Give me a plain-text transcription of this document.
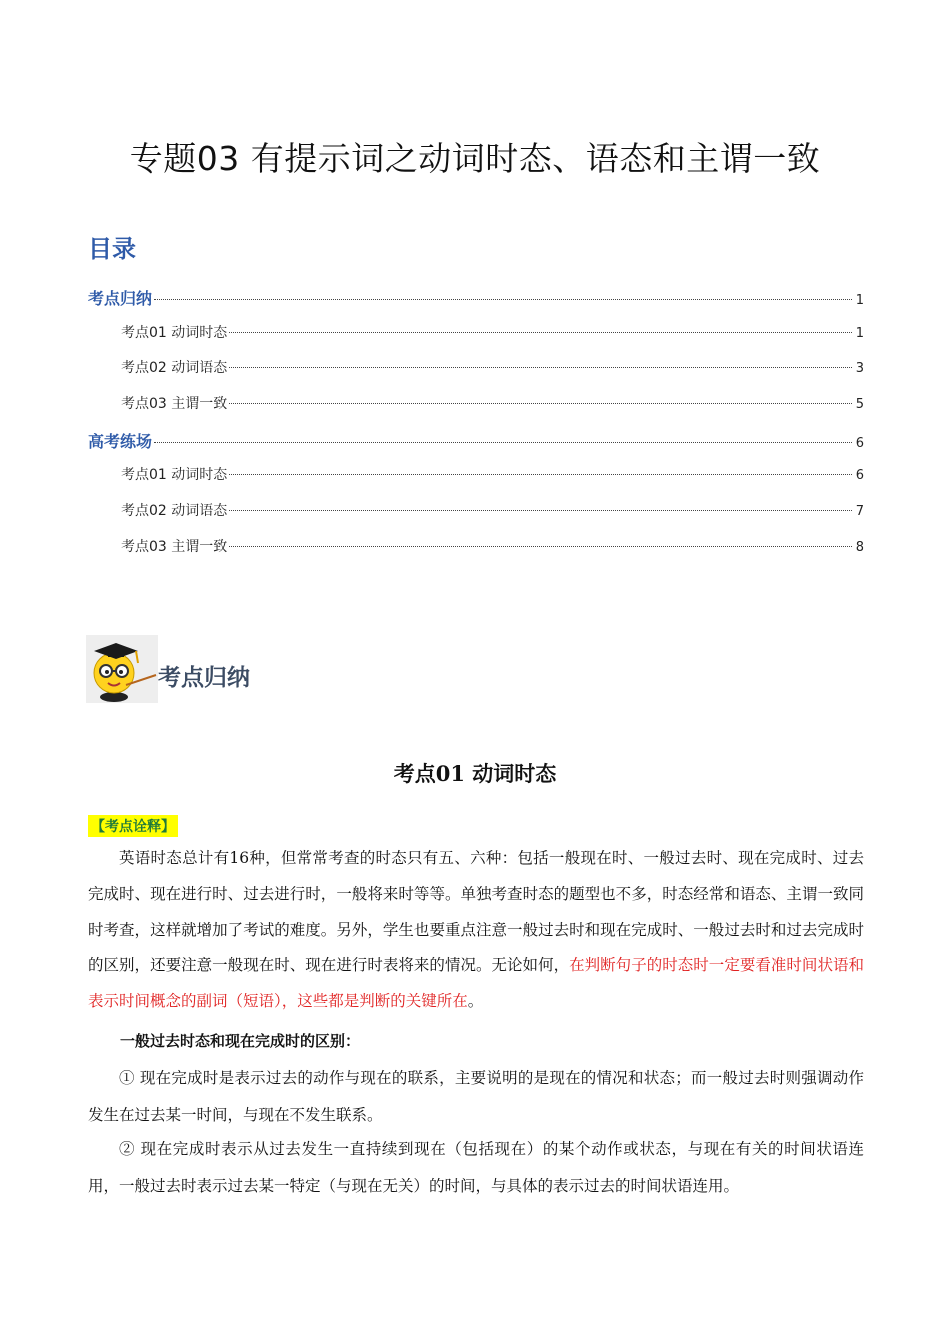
专题03 有提示词之动词时态、语态和主谓一致
目录
考点归纳	1
考点01 动词时态	1
考点02 动词语态	3
考点03 主谓一致	5
高考练场	6
考点01 动词时态	6
考点02 动词语态	7
考点03 主谓一致	8
考点归纳
考点01 动词时态
【考点诠释】

英语时态总计有16种，但常常考查的时态只有五、六种：包括一般现在时、一般过去时、现在完成时、过去完成时、现在进行时、过去进行时，一般将来时等等。单独考查时态的题型也不多，时态经常和语态、主谓一致同时考查，这样就增加了考试的难度。另外，学生也要重点注意一般过去时和现在完成时、一般过去时和过去完成时的区别，还要注意一般现在时、现在进行时表将来的情况。无论如何，在判断句子的时态时一定要看准时间状语和表示时间概念的副词（短语），这些都是判断的关键所在。

一般过去时态和现在完成时的区别：
① 现在完成时是表示过去的动作与现在的联系，主要说明的是现在的情况和状态；而一般过去时则强调动作发生在过去某一时间，与现在不发生联系。
② 现在完成时表示从过去发生一直持续到现在（包括现在）的某个动作或状态，与现在有关的时间状语连用，一般过去时表示过去某一特定（与现在无关）的时间，与具体的表示过去的时间状语连用。
